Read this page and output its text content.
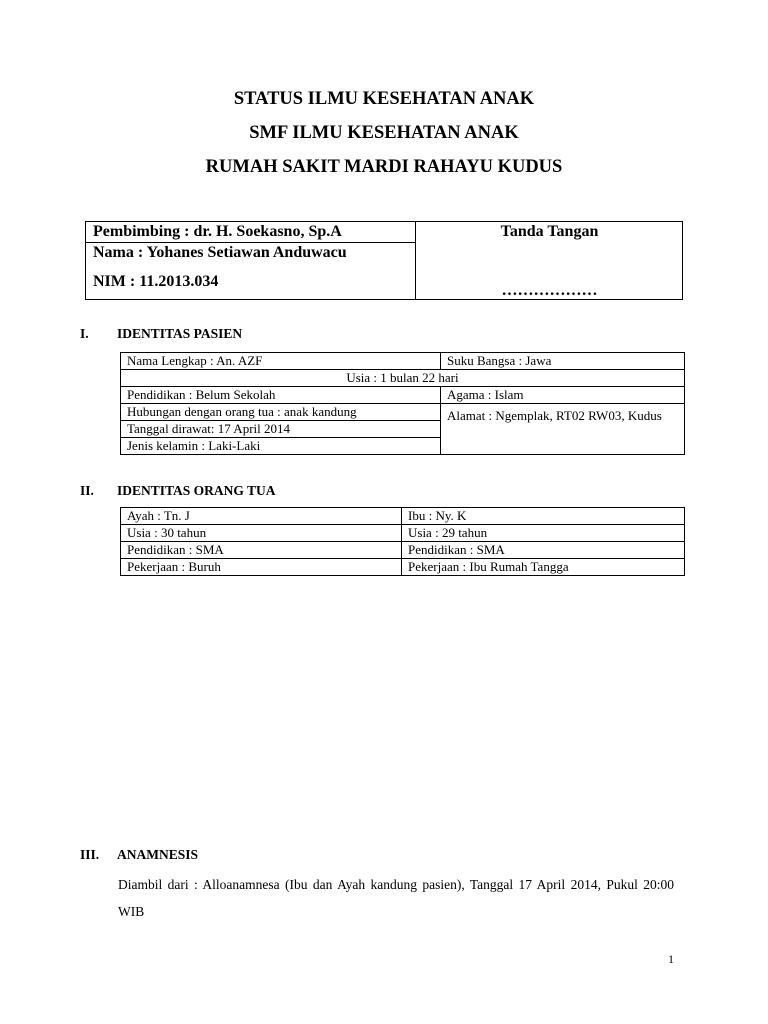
STATUS ILMU KESEHATAN ANAK
SMF ILMU KESEHATAN ANAK
RUMAH SAKIT MARDI RAHAYU KUDUS
Pembimbing : dr. H. Soekasno, Sp.A
Nama : Yohanes Setiawan Anduwacu
NIM : 11.2013.034
Tanda Tangan
………………
I. IDENTITAS PASIEN
Nama Lengkap : An. AZF	Suku Bangsa : Jawa
Usia : 1 bulan 22 hari	
Pendidikan : Belum Sekolah	Agama : Islam
Hubungan dengan orang tua : anak kandung	Alamat : Ngemplak, RT02 RW03, Kudus
Tanggal dirawat: 17 April 2014	
Jenis kelamin : Laki-Laki	
II. IDENTITAS ORANG TUA
Ayah : Tn. J	Ibu : Ny. K
Usia : 30 tahun	Usia : 29 tahun
Pendidikan : SMA	Pendidikan : SMA
Pekerjaan : Buruh	Pekerjaan : Ibu Rumah Tangga
III. ANAMNESIS
Diambil dari : Alloanamnesa (Ibu dan Ayah kandung pasien), Tanggal 17 April 2014, Pukul 20:00 WIB
1
